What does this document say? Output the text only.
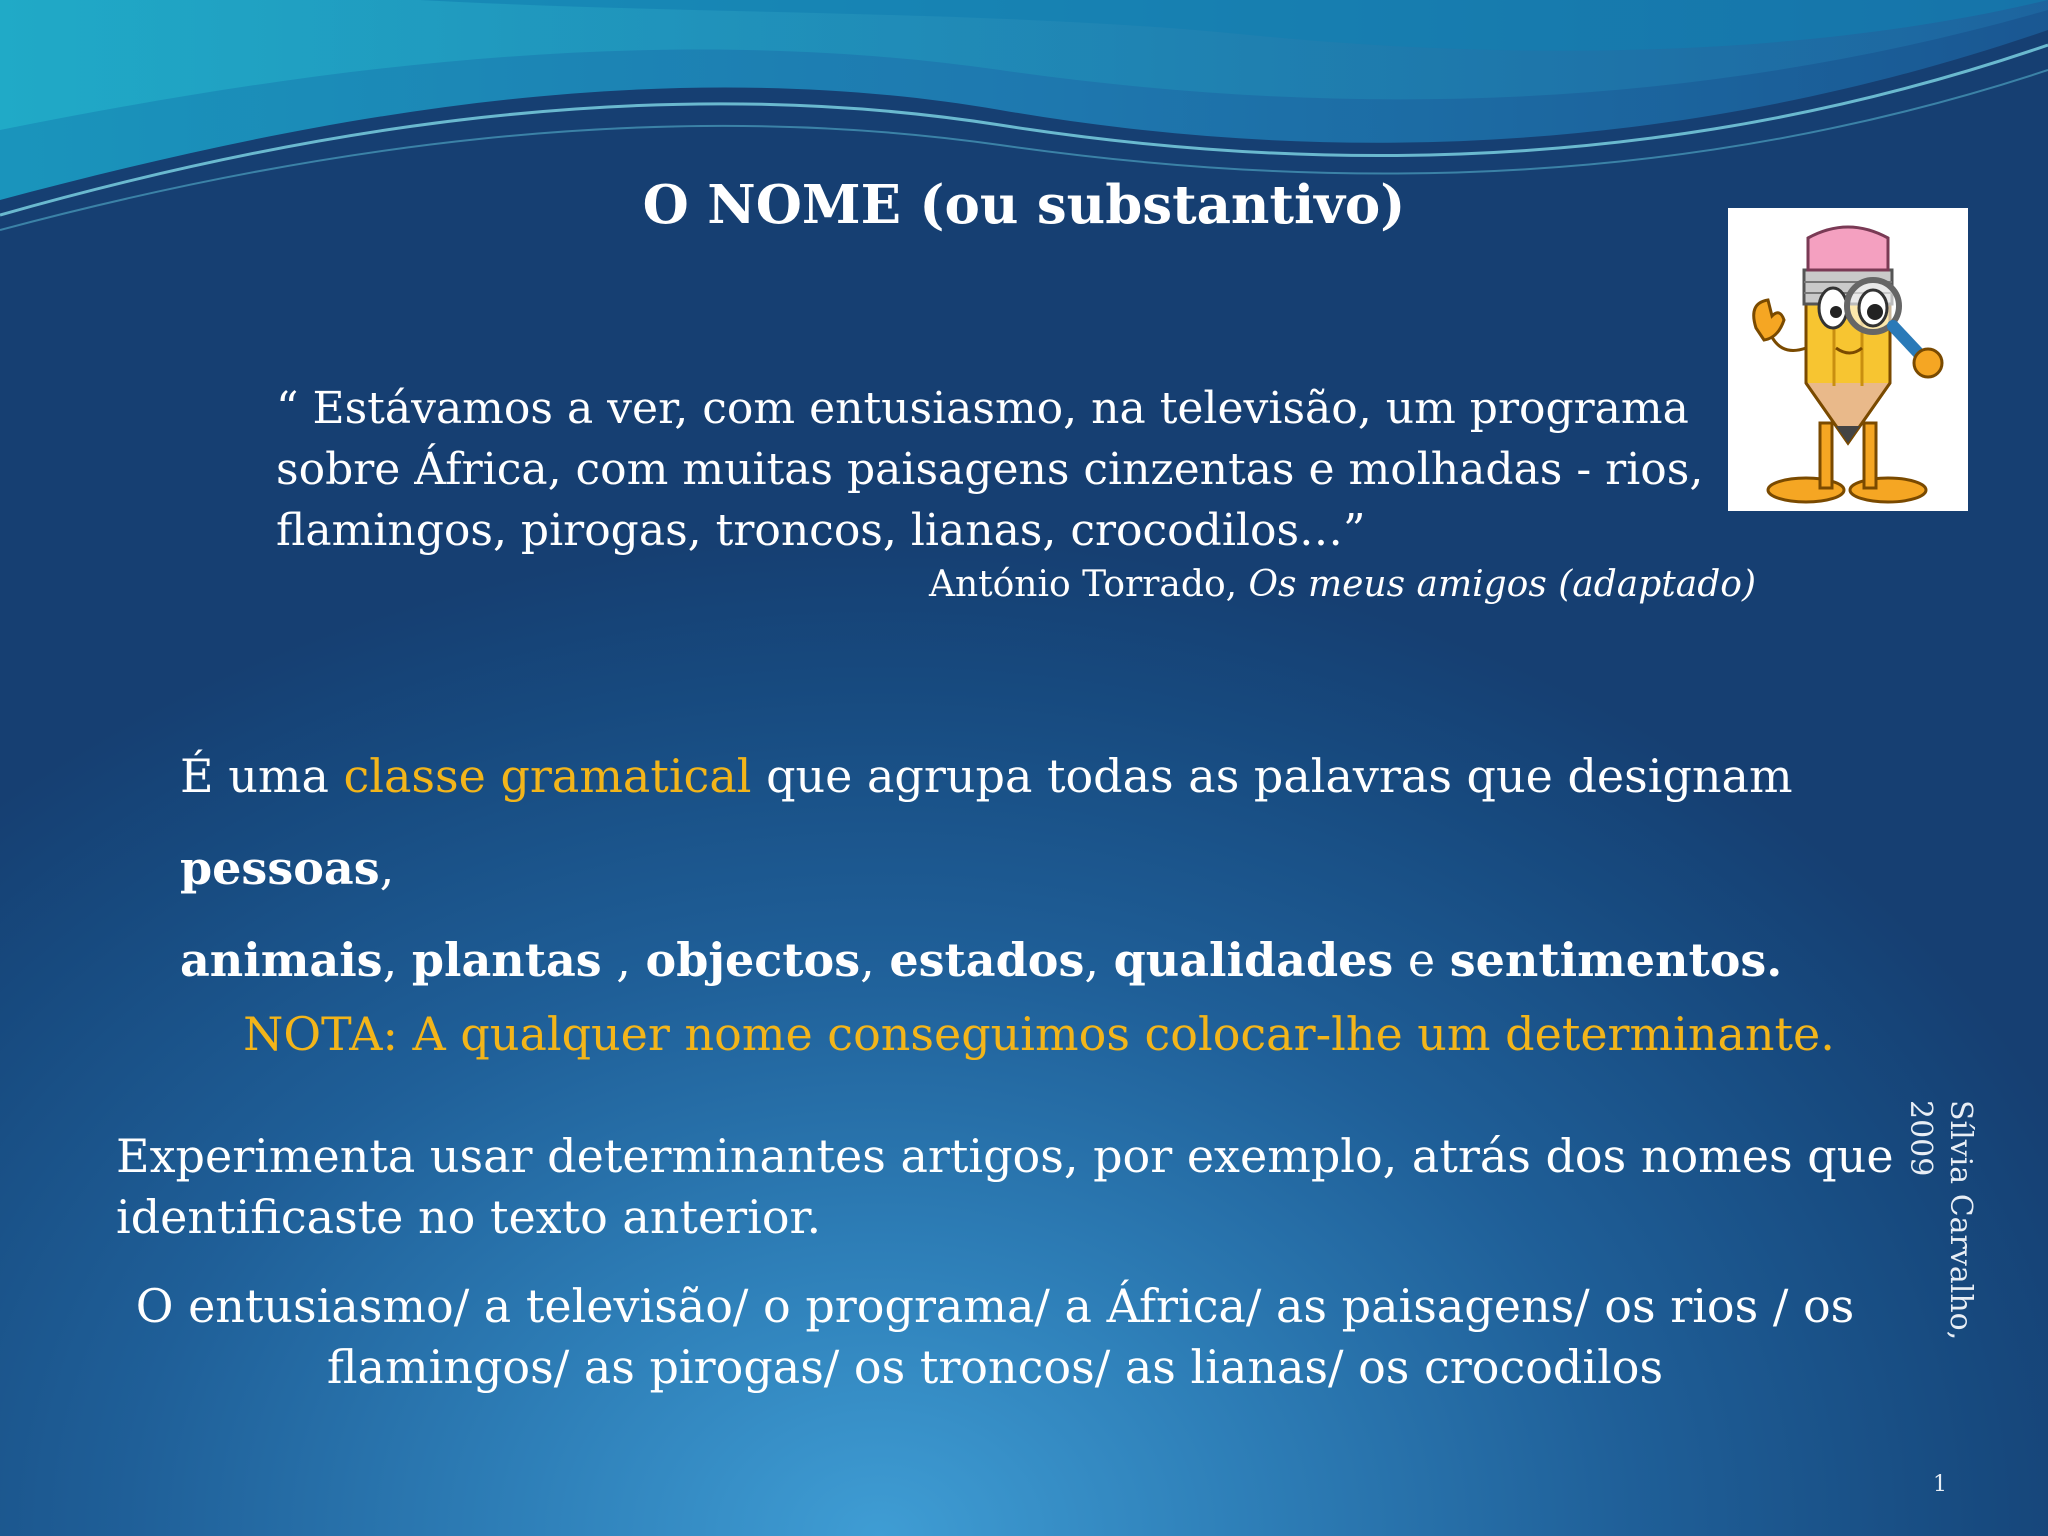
O NOME (ou substantivo)
“ Estávamos a ver, com entusiasmo, na televisão, um programa
sobre África, com muitas paisagens cinzentas e molhadas - rios,
flamingos, pirogas, troncos, lianas, crocodilos…”
António Torrado, Os meus amigos (adaptado)
É uma classe gramatical que agrupa todas as palavras que designam pessoas,
animais, plantas , objectos, estados, qualidades e sentimentos.
NOTA: A qualquer nome conseguimos colocar-lhe um determinante.
Experimenta usar determinantes artigos, por exemplo, atrás dos nomes que
identificaste no texto anterior.
O entusiasmo/ a televisão/ o programa/ a África/ as paisagens/ os rios / os
flamingos/ as pirogas/ os troncos/ as lianas/ os crocodilos
Sílvia Carvalho, 2009
1
